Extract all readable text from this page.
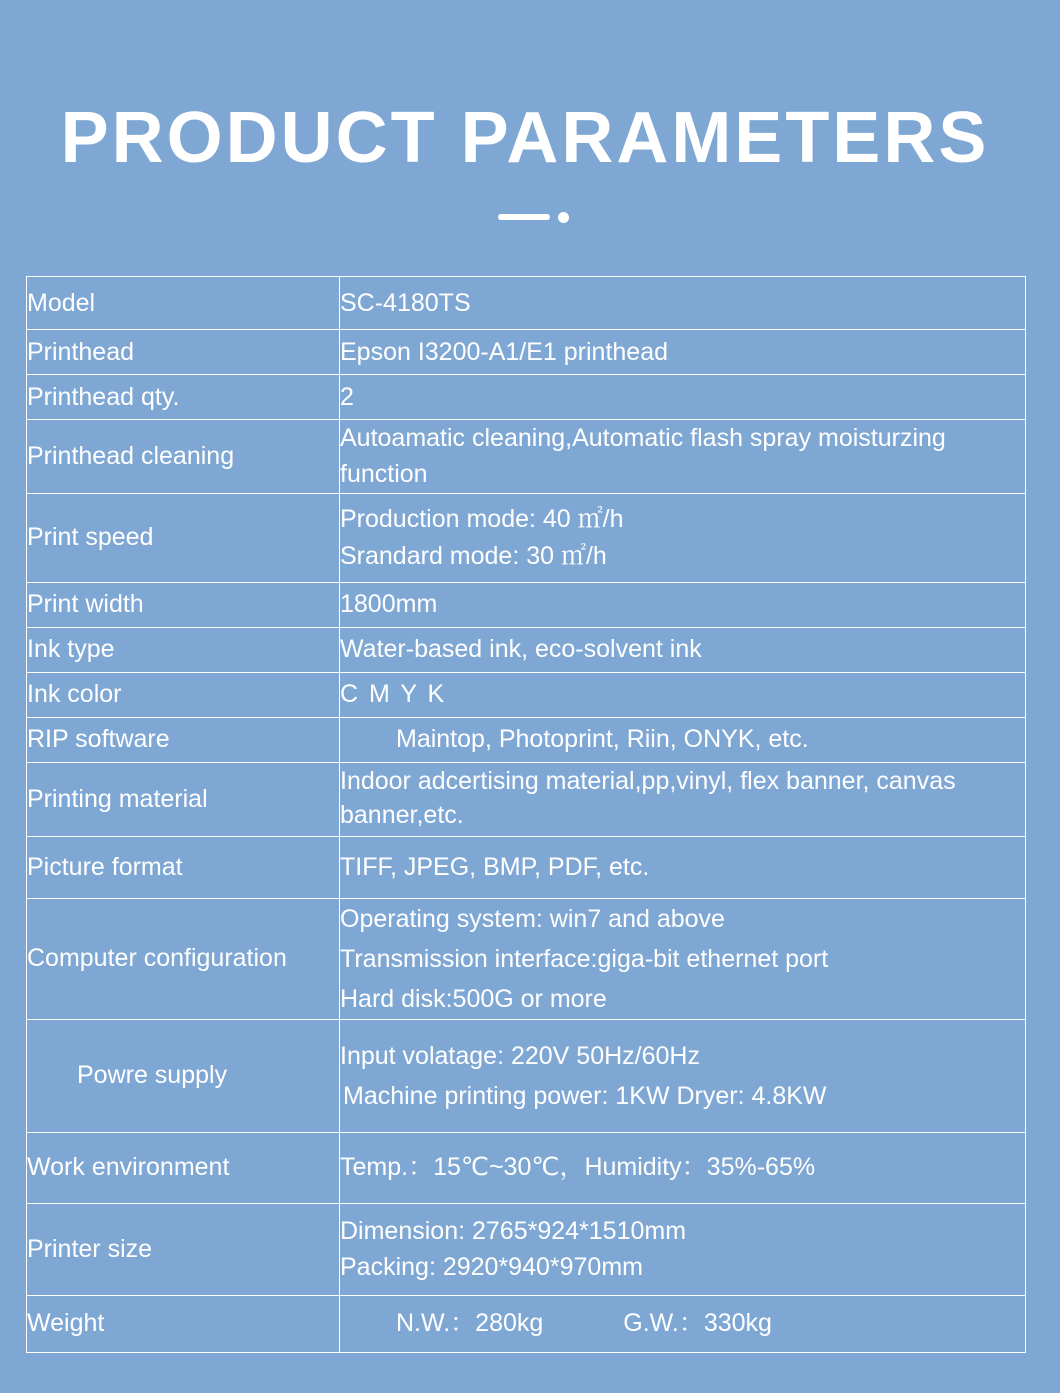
PRODUCT PARAMETERS
Model	SC-4180TS
Printhead	Epson I3200-A1/E1 printhead
Printhead qty.	2
Printhead cleaning	Autoamatic cleaning,Automatic flash spray moisturzing function
Print speed	Production mode: 40 ㎡/h
Srandard mode: 30 ㎡/h

Print width	1800mm
Ink type	Water-based ink, eco-solvent ink
Ink color	C M Y K
RIP software	Maintop, Photoprint, Riin, ONYK, etc.
Printing material	Indoor adcertising material,pp,vinyl, flex banner, canvas banner,etc.
Picture format	TIFF, JPEG, BMP, PDF, etc.
Computer configuration	Operating system: win7 and above
Transmission interface:giga-bit ethernet port
Hard disk:500G or more

Powre supply	Input volatage: 220V 50Hz/60Hz
Machine printing power: 1KW Dryer: 4.8KW

Work environment	Temp.：15℃~30℃，Humidity：35%-65%
Printer size	Dimension: 2765*924*1510mm
Packing: 2920*940*970mm

Weight	N.W.：280kg G.W.：330kg
